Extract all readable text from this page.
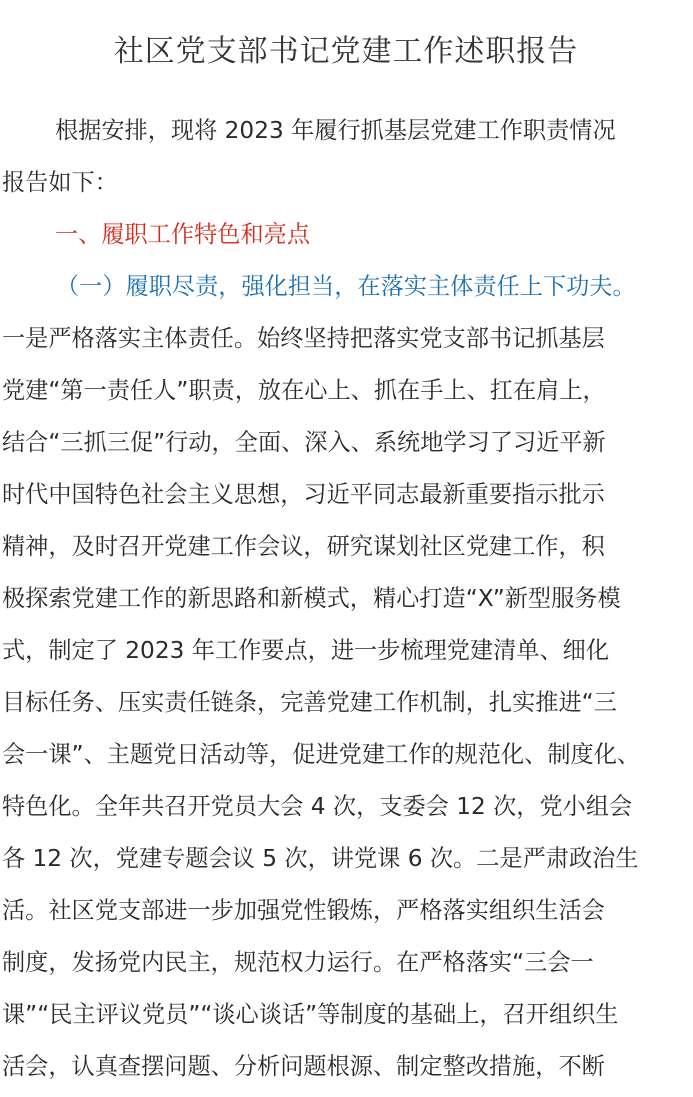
社区党支部书记党建工作述职报告
根据安排，现将 2023 年履行抓基层党建工作职责情况
报告如下：
一、履职工作特色和亮点
（一）履职尽责，强化担当，在落实主体责任上下功夫。
一是严格落实主体责任。始终坚持把落实党支部书记抓基层
党建“第一责任人”职责，放在心上、抓在手上、扛在肩上，
结合“三抓三促”行动，全面、深入、系统地学习了习近平新
时代中国特色社会主义思想，习近平同志最新重要指示批示
精神，及时召开党建工作会议，研究谋划社区党建工作，积
极探索党建工作的新思路和新模式，精心打造“X”新型服务模
式，制定了 2023 年工作要点，进一步梳理党建清单、细化
目标任务、压实责任链条，完善党建工作机制，扎实推进“三
会一课”、主题党日活动等，促进党建工作的规范化、制度化、
特色化。全年共召开党员大会 4 次，支委会 12 次，党小组会
各 12 次，党建专题会议 5 次，讲党课 6 次。二是严肃政治生
活。社区党支部进一步加强党性锻炼，严格落实组织生活会
制度，发扬党内民主，规范权力运行。在严格落实“三会一
课”“民主评议党员”“谈心谈话”等制度的基础上，召开组织生
活会，认真查摆问题、分析问题根源、制定整改措施，不断
